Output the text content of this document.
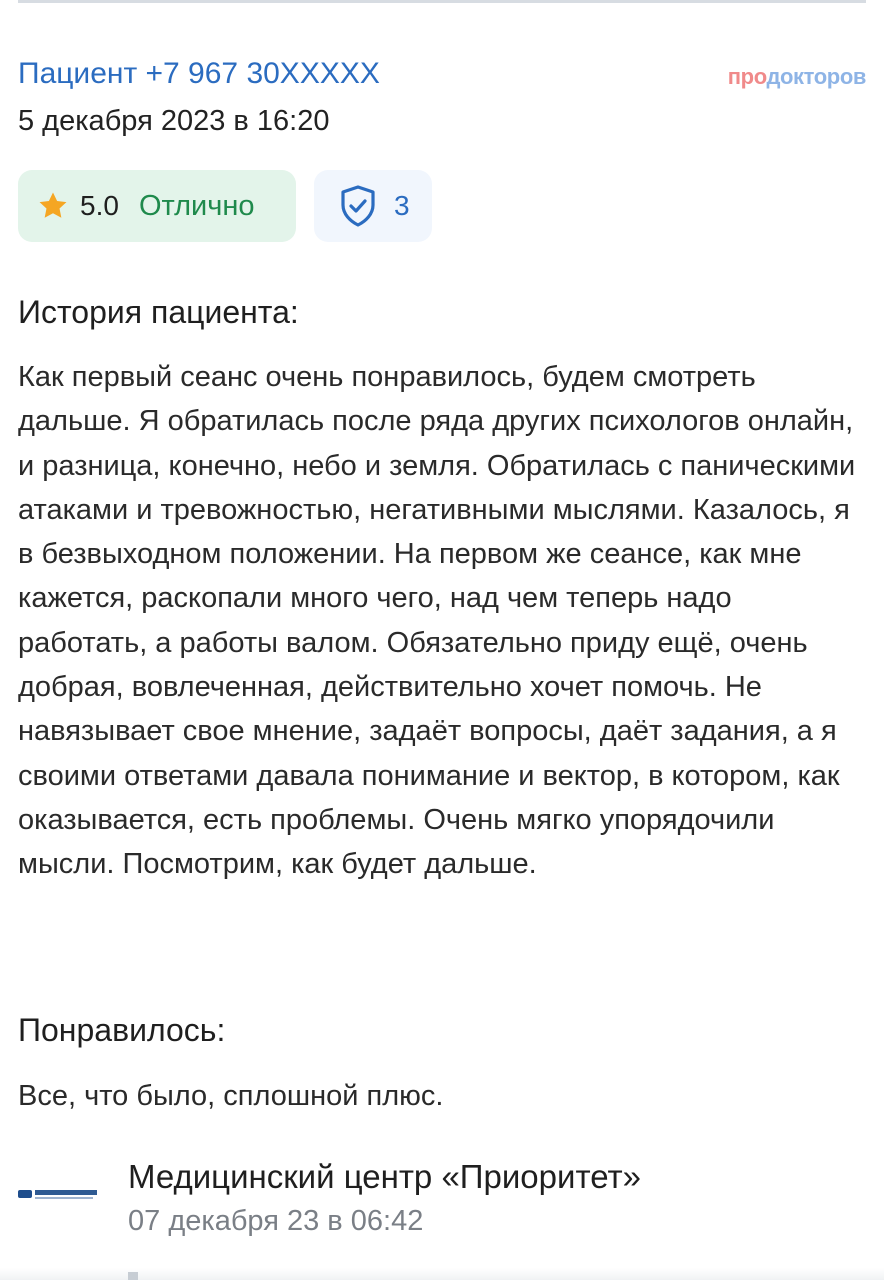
продокторов
Пациент +7 967 30XXXXX
5 декабря 2023 в 16:20
5.0 Отлично	3
История пациента:
Как первый сеанс очень понравилось, будем смотреть дальше. Я обратилась после ряда других психологов онлайн, и разница, конечно, небо и земля. Обратилась с паническими атаками и тревожностью, негативными мыслями. Казалось, я в безвыходном положении. На первом же сеансе, как мне кажется, раскопали много чего, над чем теперь надо работать, а работы валом. Обязательно приду ещё, очень добрая, вовлеченная, действительно хочет помочь. Не навязывает свое мнение, задаёт вопросы, даёт задания, а я своими ответами давала понимание и вектор, в котором, как оказывается, есть проблемы. Очень мягко упорядочили мысли. Посмотрим, как будет дальше.
Понравилось:
Все, что было, сплошной плюс.
Медицинский центр «Приоритет»
07 декабря 23 в 06:42
